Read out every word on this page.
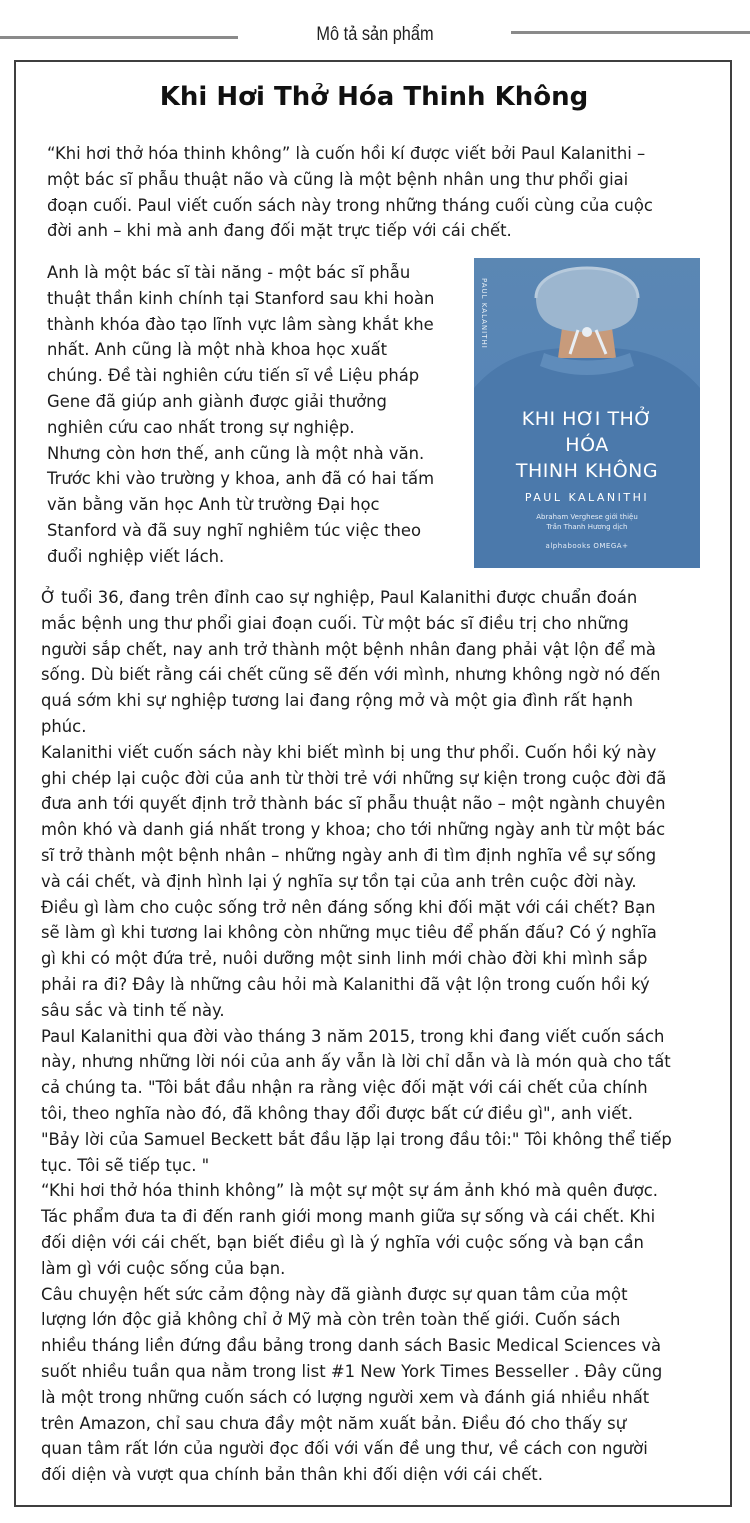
Mô tả sản phẩm
Khi Hơi Thở Hóa Thinh Không
“Khi hơi thở hóa thinh không” là cuốn hồi kí được viết bởi Paul Kalanithi –
một bác sĩ phẫu thuật não và cũng là một bệnh nhân ung thư phổi giai
đoạn cuối. Paul viết cuốn sách này trong những tháng cuối cùng của cuộc
đời anh – khi mà anh đang đối mặt trực tiếp với cái chết.
Anh là một bác sĩ tài năng - một bác sĩ phẫu
thuật thần kinh chính tại Stanford sau khi hoàn
thành khóa đào tạo lĩnh vực lâm sàng khắt khe
nhất. Anh cũng là một nhà khoa học xuất
chúng. Đề tài nghiên cứu tiến sĩ về Liệu pháp
Gene đã giúp anh giành được giải thưởng
nghiên cứu cao nhất trong sự nghiệp.
Nhưng còn hơn thế, anh cũng là một nhà văn.
Trước khi vào trường y khoa, anh đã có hai tấm
văn bằng văn học Anh từ trường Đại học
Stanford và đã suy nghĩ nghiêm túc việc theo
đuổi nghiệp viết lách.
PAUL KALANITHI
KHI HƠI THỞ
HÓA
THINH KHÔNG
PAUL KALANITHI
Abraham Verghese giới thiệu
Trần Thanh Hương dịch
alphabooks OMEGA+
Ở tuổi 36, đang trên đỉnh cao sự nghiệp, Paul Kalanithi được chuẩn đoán
mắc bệnh ung thư phổi giai đoạn cuối. Từ một bác sĩ điều trị cho những
người sắp chết, nay anh trở thành một bệnh nhân đang phải vật lộn để mà
sống. Dù biết rằng cái chết cũng sẽ đến với mình, nhưng không ngờ nó đến
quá sớm khi sự nghiệp tương lai đang rộng mở và một gia đình rất hạnh
phúc.
Kalanithi viết cuốn sách này khi biết mình bị ung thư phổi. Cuốn hồi ký này
ghi chép lại cuộc đời của anh từ thời trẻ với những sự kiện trong cuộc đời đã
đưa anh tới quyết định trở thành bác sĩ phẫu thuật não – một ngành chuyên
môn khó và danh giá nhất trong y khoa; cho tới những ngày anh từ một bác
sĩ trở thành một bệnh nhân – những ngày anh đi tìm định nghĩa về sự sống
và cái chết, và định hình lại ý nghĩa sự tồn tại của anh trên cuộc đời này.
Điều gì làm cho cuộc sống trở nên đáng sống khi đối mặt với cái chết? Bạn
sẽ làm gì khi tương lai không còn những mục tiêu để phấn đấu? Có ý nghĩa
gì khi có một đứa trẻ, nuôi dưỡng một sinh linh mới chào đời khi mình sắp
phải ra đi? Đây là những câu hỏi mà Kalanithi đã vật lộn trong cuốn hồi ký
sâu sắc và tinh tế này.
Paul Kalanithi qua đời vào tháng 3 năm 2015, trong khi đang viết cuốn sách
này, nhưng những lời nói của anh ấy vẫn là lời chỉ dẫn và là món quà cho tất
cả chúng ta. "Tôi bắt đầu nhận ra rằng việc đối mặt với cái chết của chính
tôi, theo nghĩa nào đó, đã không thay đổi được bất cứ điều gì", anh viết.
"Bảy lời của Samuel Beckett bắt đầu lặp lại trong đầu tôi:" Tôi không thể tiếp
tục. Tôi sẽ tiếp tục. "
“Khi hơi thở hóa thinh không” là một sự một sự ám ảnh khó mà quên được.
Tác phẩm đưa ta đi đến ranh giới mong manh giữa sự sống và cái chết. Khi
đối diện với cái chết, bạn biết điều gì là ý nghĩa với cuộc sống và bạn cần
làm gì với cuộc sống của bạn.
Câu chuyện hết sức cảm động này đã giành được sự quan tâm của một
lượng lớn độc giả không chỉ ở Mỹ mà còn trên toàn thế giới. Cuốn sách
nhiều tháng liền đứng đầu bảng trong danh sách Basic Medical Sciences và
suốt nhiều tuần qua nằm trong list #1 New York Times Besseller . Đây cũng
là một trong những cuốn sách có lượng người xem và đánh giá nhiều nhất
trên Amazon, chỉ sau chưa đầy một năm xuất bản. Điều đó cho thấy sự
quan tâm rất lớn của người đọc đối với vấn đề ung thư, về cách con người
đối diện và vượt qua chính bản thân khi đối diện với cái chết.
